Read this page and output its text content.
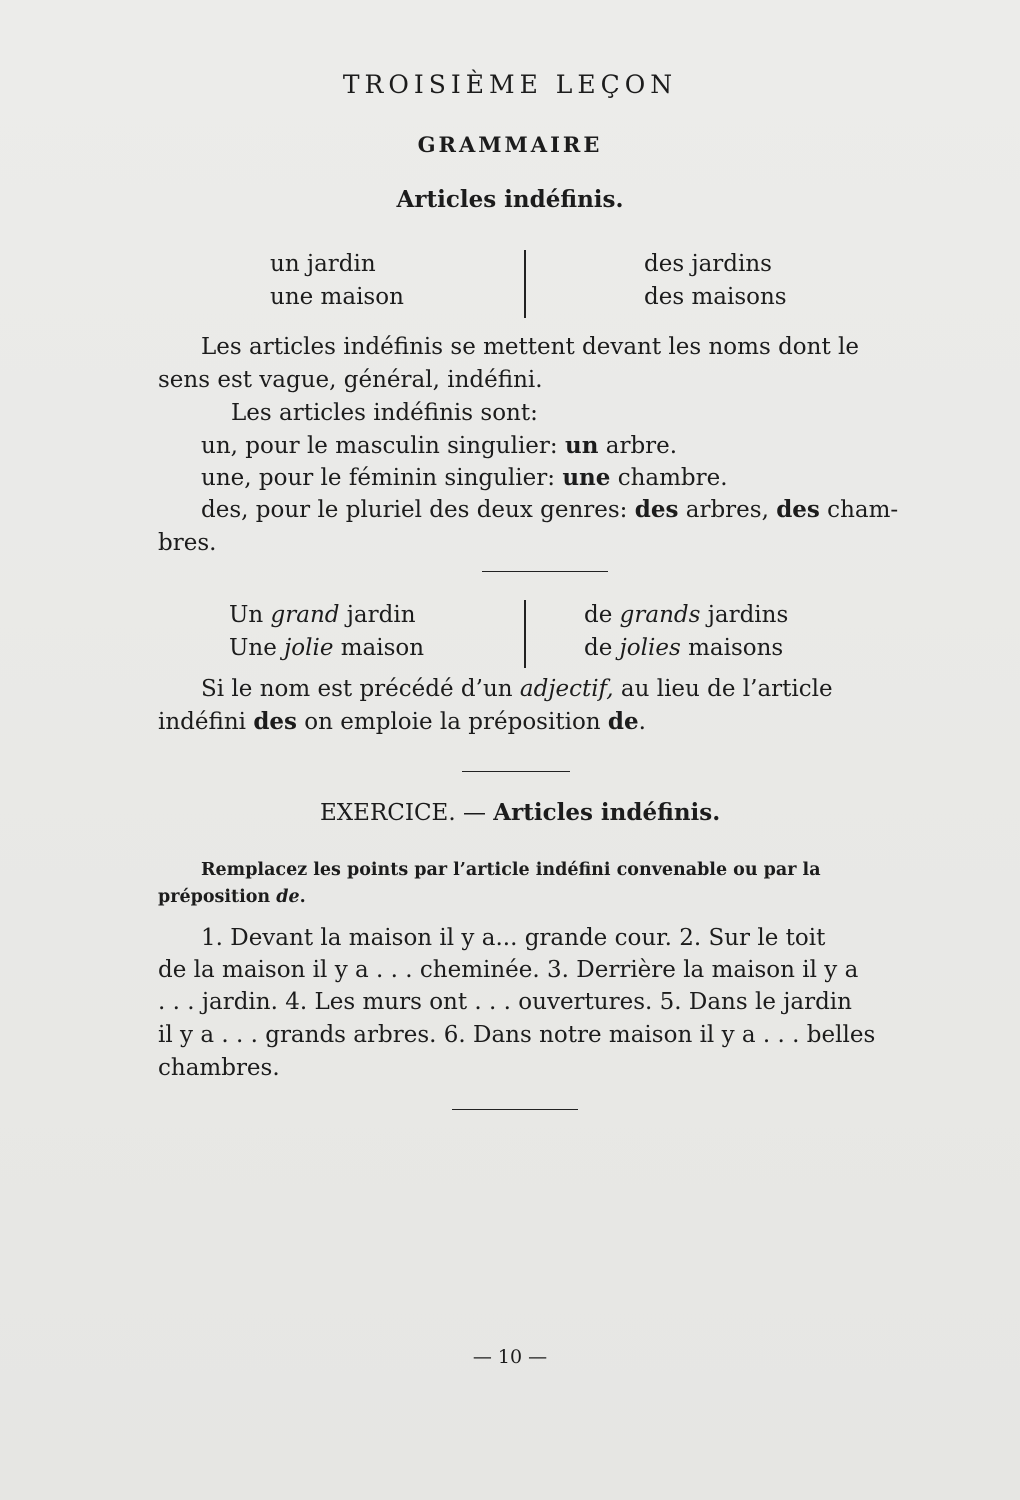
TROISIÈME LEÇON
GRAMMAIRE
Articles indéfinis.
un jardin
une maison
des jardins
des maisons
Les articles indéfinis se mettent devant les noms dont le
sens est vague, général, indéfini.
Les articles indéfinis sont:
un, pour le masculin singulier: un arbre.
une, pour le féminin singulier: une chambre.
des, pour le pluriel des deux genres: des arbres, des cham-
bres.
Un grand jardin
Une jolie maison
de grands jardins
de jolies maisons
Si le nom est précédé d’un adjectif, au lieu de l’article
indéfini des on emploie la préposition de.
EXERCICE. — Articles indéfinis.
Remplacez les points par l’article indéfini convenable ou par la
préposition de.
1. Devant la maison il y a... grande cour. 2. Sur le toit
de la maison il y a . . . cheminée. 3. Derrière la maison il y a
. . . jardin. 4. Les murs ont . . . ouvertures. 5. Dans le jardin
il y a . . . grands arbres. 6. Dans notre maison il y a . . . belles
chambres.
— 10 —
